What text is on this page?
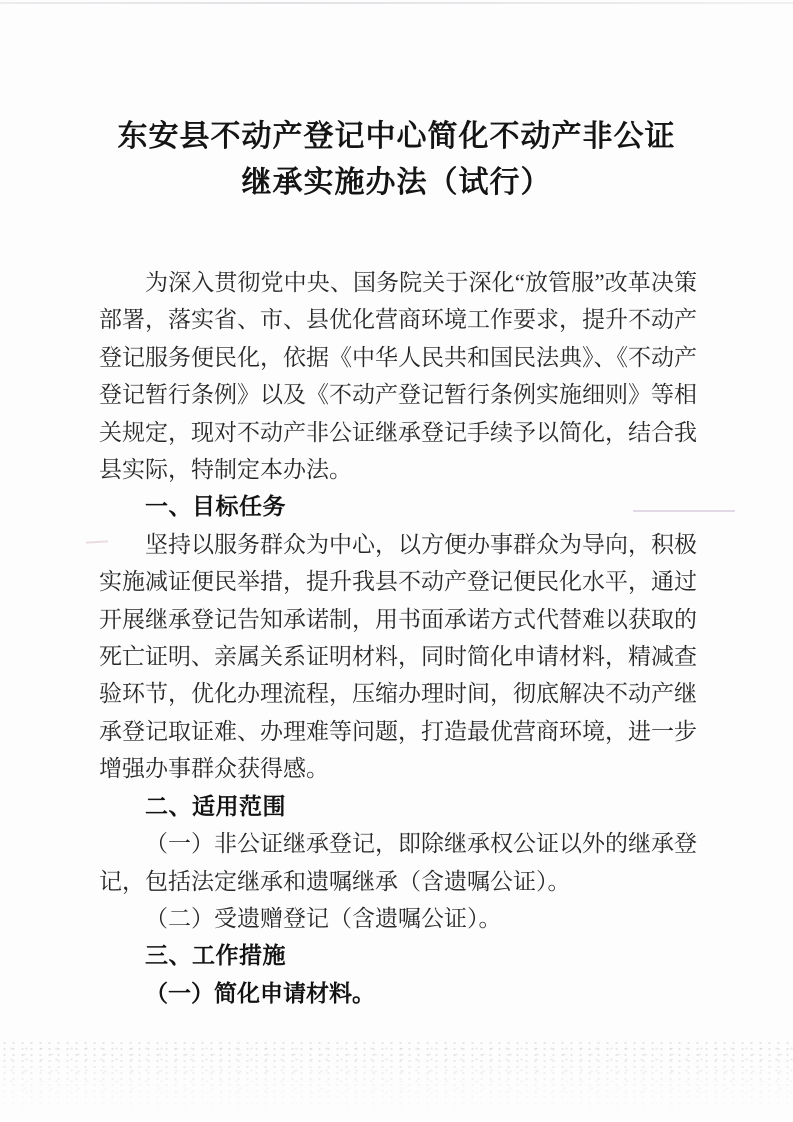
东安县不动产登记中心简化不动产非公证
继承实施办法（试行）

为深入贯彻党中央、国务院关于深化“放管服”改革决策部署，落实省、市、县优化营商环境工作要求，提升不动产登记服务便民化，依据《中华人民共和国民法典》、《不动产登记暂行条例》以及《不动产登记暂行条例实施细则》等相关规定，现对不动产非公证继承登记手续予以简化，结合我县实际，特制定本办法。

一、目标任务

坚持以服务群众为中心，以方便办事群众为导向，积极实施减证便民举措，提升我县不动产登记便民化水平，通过开展继承登记告知承诺制，用书面承诺方式代替难以获取的死亡证明、亲属关系证明材料，同时简化申请材料，精减查验环节，优化办理流程，压缩办理时间，彻底解决不动产继承登记取证难、办理难等问题，打造最优营商环境，进一步增强办事群众获得感。

二、适用范围

（一）非公证继承登记，即除继承权公证以外的继承登记，包括法定继承和遗嘱继承（含遗嘱公证）。

（二）受遗赠登记（含遗嘱公证）。

三、工作措施

（一）简化申请材料。
